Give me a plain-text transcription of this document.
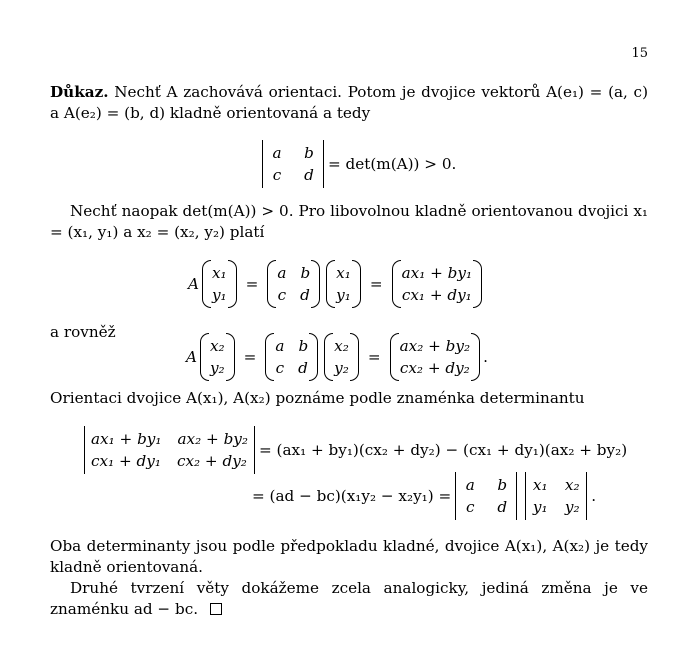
15
Důkaz. Nechť A zachovává orientaci. Potom je dvojice vektorů A(e₁) = (a, c) a A(e₂) = (b, d) kladně orientovaná a tedy
a b
c d
= det(m(A)) > 0.
Nechť naopak det(m(A)) > 0. Pro libovolnou kladně orientovanou dvojici x₁ = (x₁, y₁) a x₂ = (x₂, y₂) platí
A
x₁
y₁
=
a b
c d
x₁
y₁
=
ax₁ + by₁
cx₁ + dy₁
a rovněž
A
x₂
y₂
=
a b
c d
x₂
y₂
=
ax₂ + by₂
cx₂ + dy₂
.
Orientaci dvojice A(x₁), A(x₂) poznáme podle znaménka determinantu
ax₁ + by₁ ax₂ + by₂
cx₁ + dy₁ cx₂ + dy₂
= (ax₁ + by₁)(cx₂ + dy₂) − (cx₁ + dy₁)(ax₂ + by₂)
= (ad − bc)(x₁y₂ − x₂y₁) =
a b
c d
x₁ x₂
y₁ y₂
.
Oba determinanty jsou podle předpokladu kladné, dvojice A(x₁), A(x₂) je tedy kladně orientovaná.
Druhé tvrzení věty dokážeme zcela analogicky, jediná změna je ve znaménku ad − bc.
